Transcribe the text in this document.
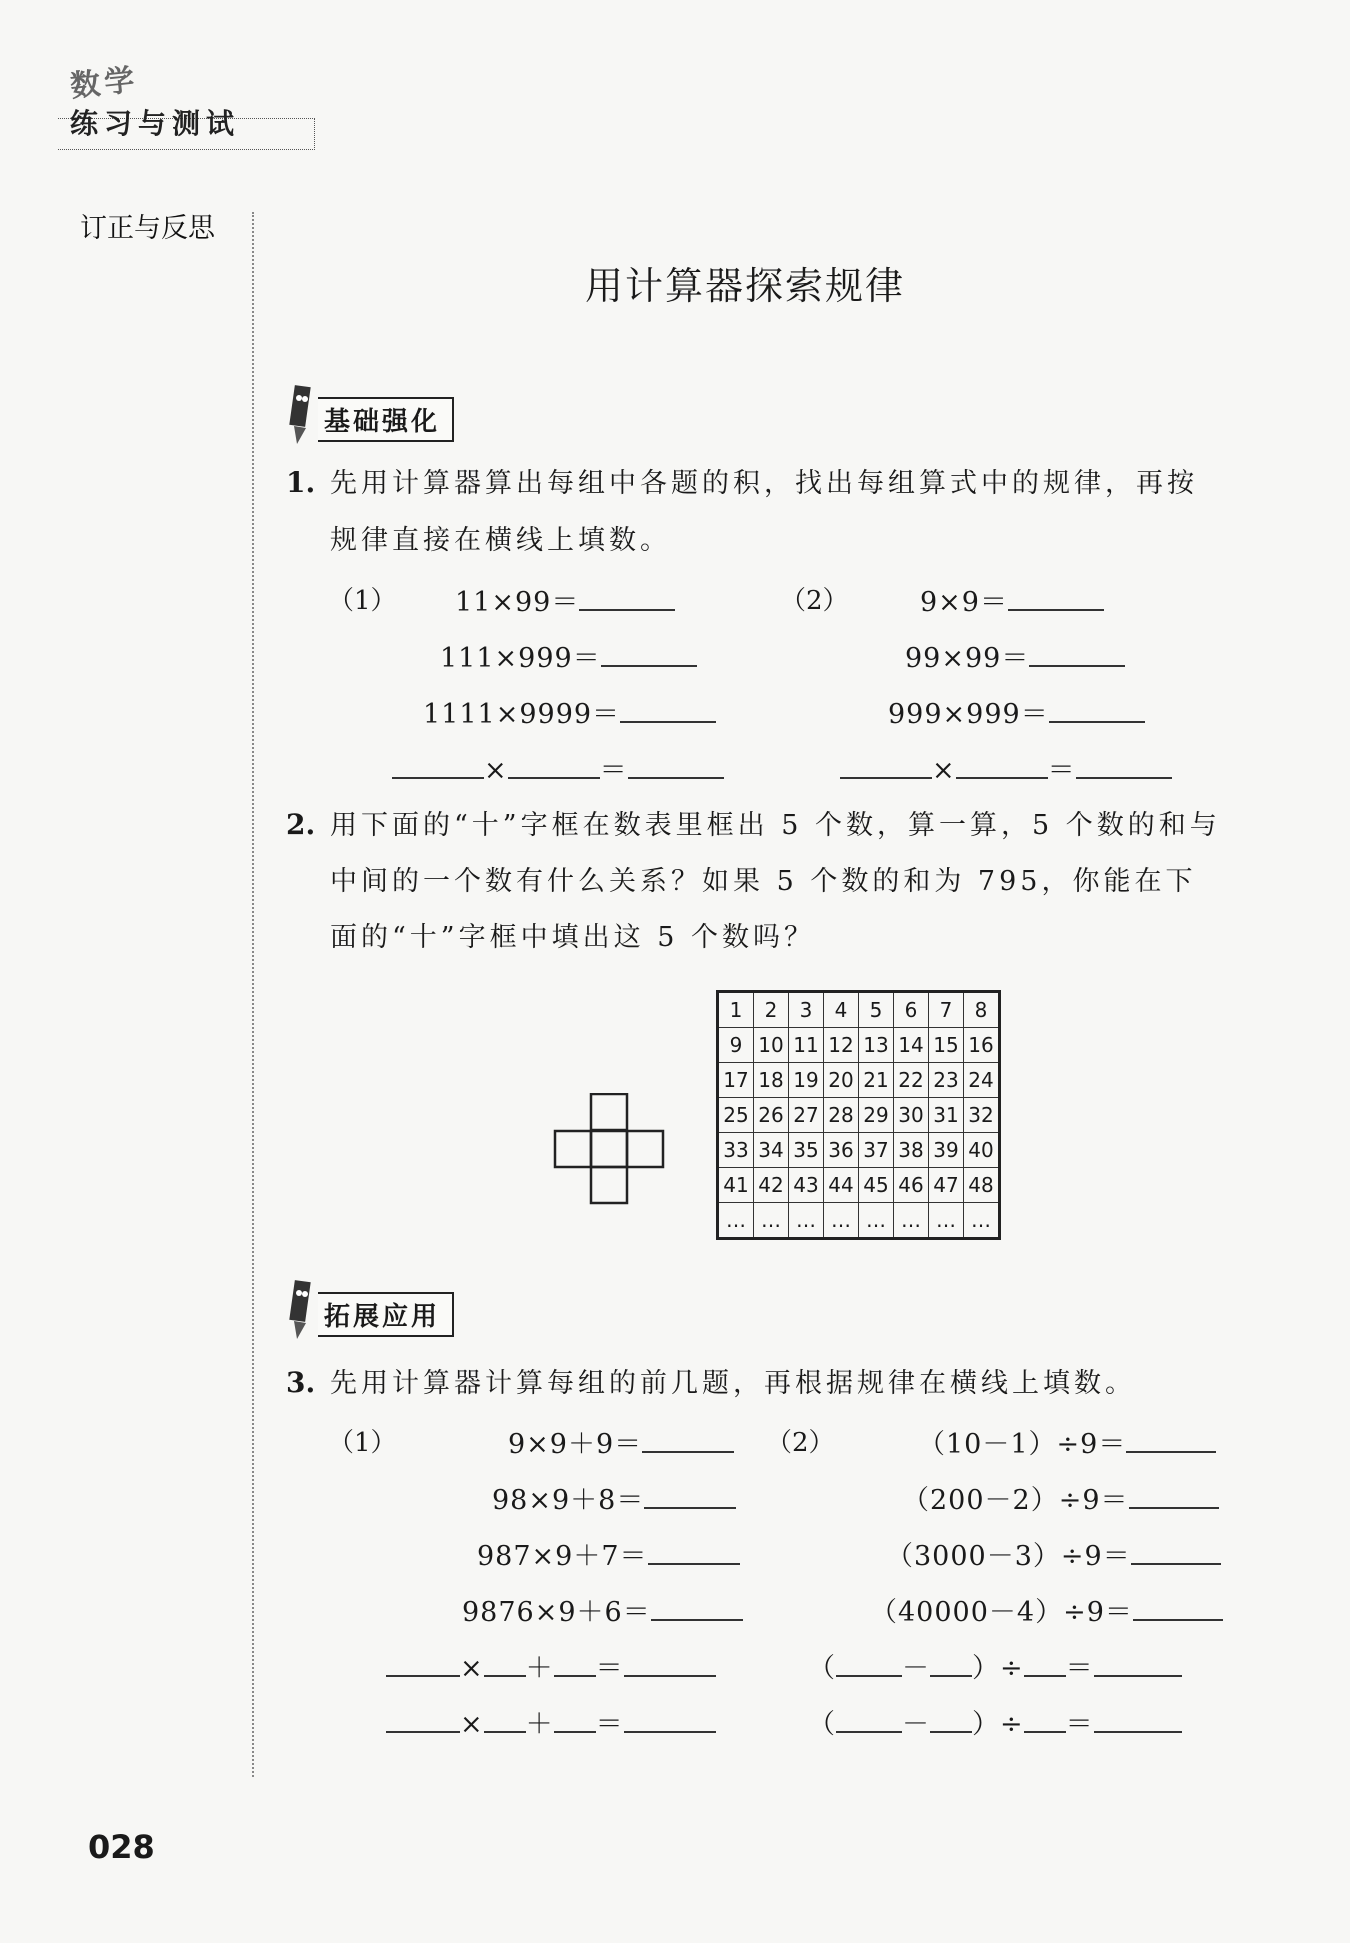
数学
练习与测试
订正与反思
用计算器探索规律
基础强化
1. 先用计算器算出每组中各题的积，找出每组算式中的规律，再按
规律直接在横线上填数。
（1） 11×99＝
111×999＝
1111×9999＝
×	＝
（2）	9×9＝
99×99＝
999×999＝
×	＝
2. 用下面的“十”字框在数表里框出 5 个数，算一算，5 个数的和与
中间的一个数有什么关系？如果 5 个数的和为 795，你能在下
面的“十”字框中填出这 5 个数吗？
1	2	3	4	5	6	7	8
9	10	11	12	13	14	15	16
17	18	19	20	21	22	23	24
25	26	27	28	29	30	31	32
33	34	35	36	37	38	39	40
41	42	43	44	45	46	47	48
…	…	…	…	…	…	…	…
拓展应用
3. 先用计算器计算每组的前几题，再根据规律在横线上填数。
（1）	9×9＋9＝
98×9＋8＝
987×9＋7＝
9876×9＋6＝
× ＋ ＝
× ＋ ＝
（2）	（10－1）÷9＝
（200－2）÷9＝
（3000－3）÷9＝
（40000－4）÷9＝
（ － ）÷ ＝
（ － ）÷ ＝
028
